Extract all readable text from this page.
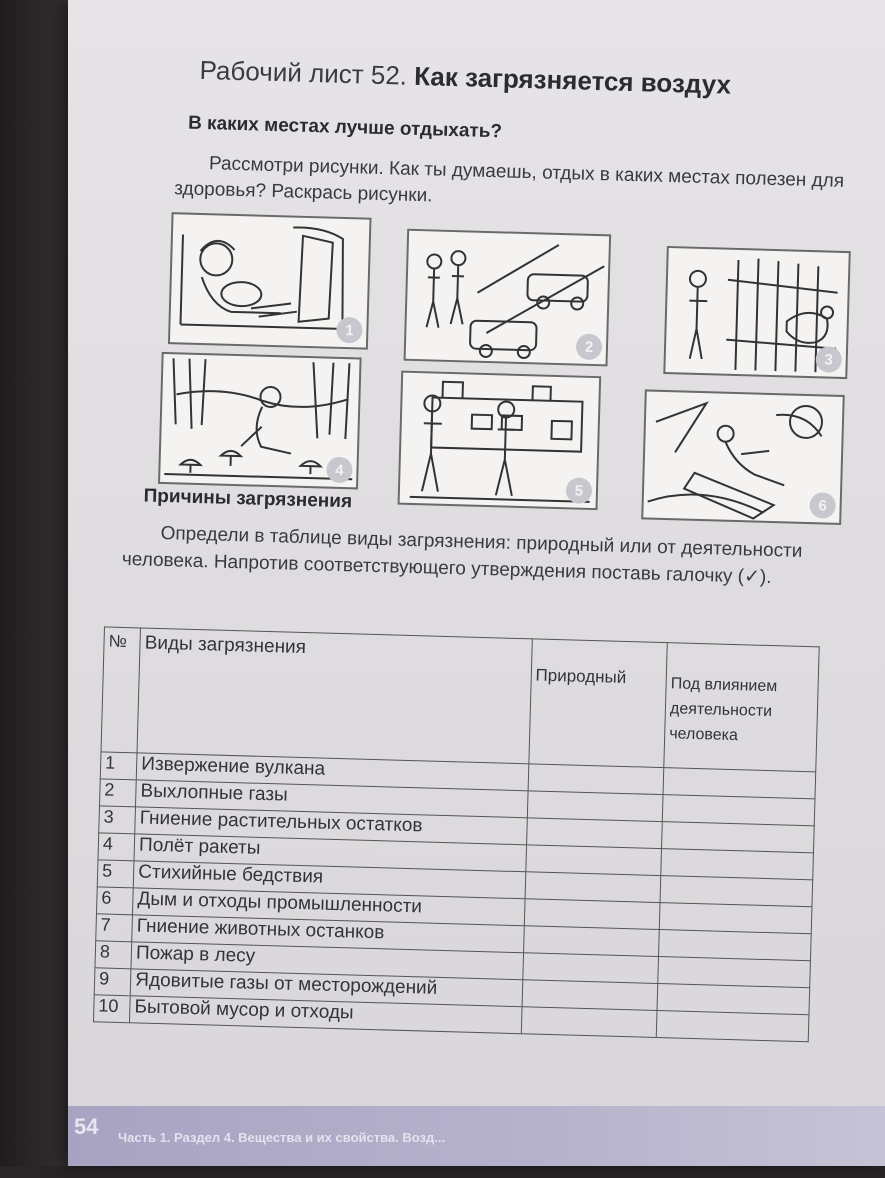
Рабочий лист 52. Как загрязняется воздух
В каких местах лучше отдыхать?
Рассмотри рисунки. Как ты думаешь, отдых в каких местах полезен для здоровья? Раскрась рисунки.
1
2
3
4
5
6
Причины загрязнения
Определи в таблице виды загрязнения: природный или от деятельности человека. Напротив соответствующего утверждения поставь галочку (✓).
№	Виды загрязнения	Природный	Под влиянием деятельности человека
1	Извержение вулкана		
2	Выхлопные газы		
3	Гниение растительных остатков		
4	Полёт ракеты		
5	Стихийные бедствия		
6	Дым и отходы промышленности		
7	Гниение животных останков		
8	Пожар в лесу		
9	Ядовитые газы от месторождений		
10	Бытовой мусор и отходы		
54 Часть 1. Раздел 4. Вещества и их свойства. Возд...
